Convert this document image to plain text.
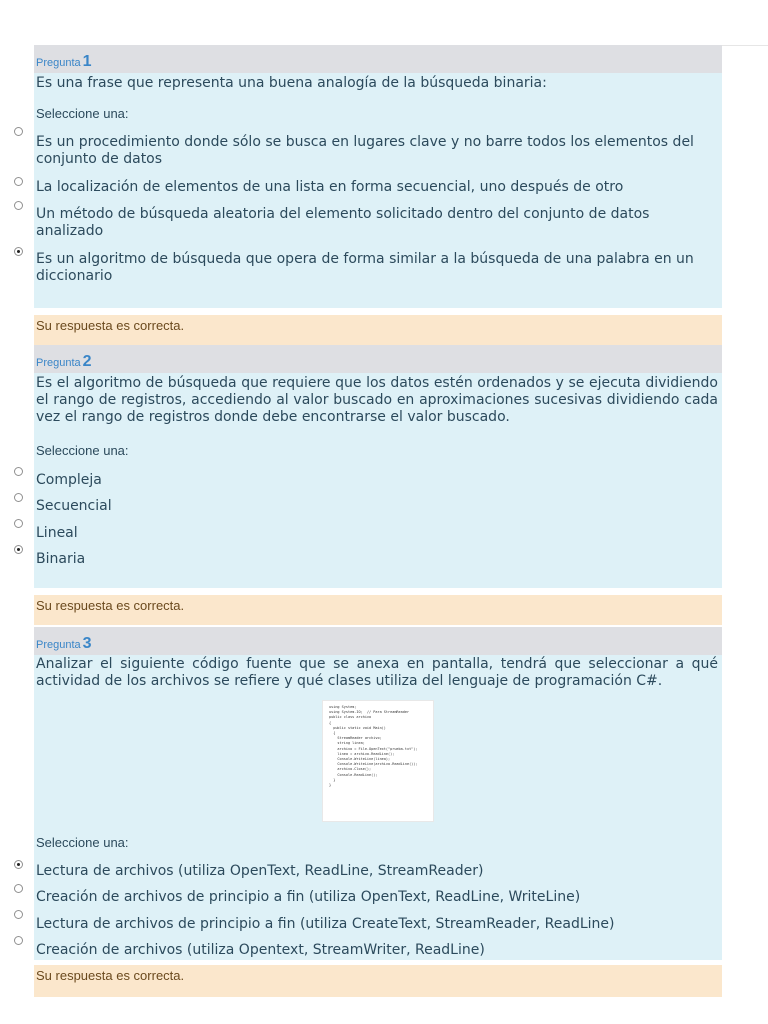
Pregunta 1
Es una frase que representa una buena analogía de la búsqueda binaria:
Seleccione una:
Es un procedimiento donde sólo se busca en lugares clave y no barre todos los elementos del conjunto de datos
La localización de elementos de una lista en forma secuencial, uno después de otro
Un método de búsqueda aleatoria del elemento solicitado dentro del conjunto de datos analizado
Es un algoritmo de búsqueda que opera de forma similar a la búsqueda de una palabra en un diccionario
Su respuesta es correcta.
Pregunta 2
Es el algoritmo de búsqueda que requiere que los datos estén ordenados y se ejecuta dividiendo el rango de registros, accediendo al valor buscado en aproximaciones sucesivas dividiendo cada vez el rango de registros donde debe encontrarse el valor buscado.
Seleccione una:
Compleja
Secuencial
Lineal
Binaria
Su respuesta es correcta.
Pregunta 3
Analizar el siguiente código fuente que se anexa en pantalla, tendrá que seleccionar a qué actividad de los archivos se refiere y qué clases utiliza del lenguaje de programación C#.
Seleccione una:
using System;
using System.IO;  // Para StreamReader
public class archivo
{
public static void Main()
{
StreamReader archivo;
string linea;
archivo = File.OpenText("prueba.txt");
linea = archivo.ReadLine();
Console.WriteLine(linea);
Console.WriteLine(archivo.ReadLine());
archivo.Close();
Console.ReadLine();
}
}
Lectura de archivos (utiliza OpenText, ReadLine, StreamReader)
Creación de archivos de principio a fin (utiliza OpenText, ReadLine, WriteLine)
Lectura de archivos de principio a fin (utiliza CreateText, StreamReader, ReadLine)
Creación de archivos (utiliza Opentext, StreamWriter, ReadLine)
Su respuesta es correcta.
